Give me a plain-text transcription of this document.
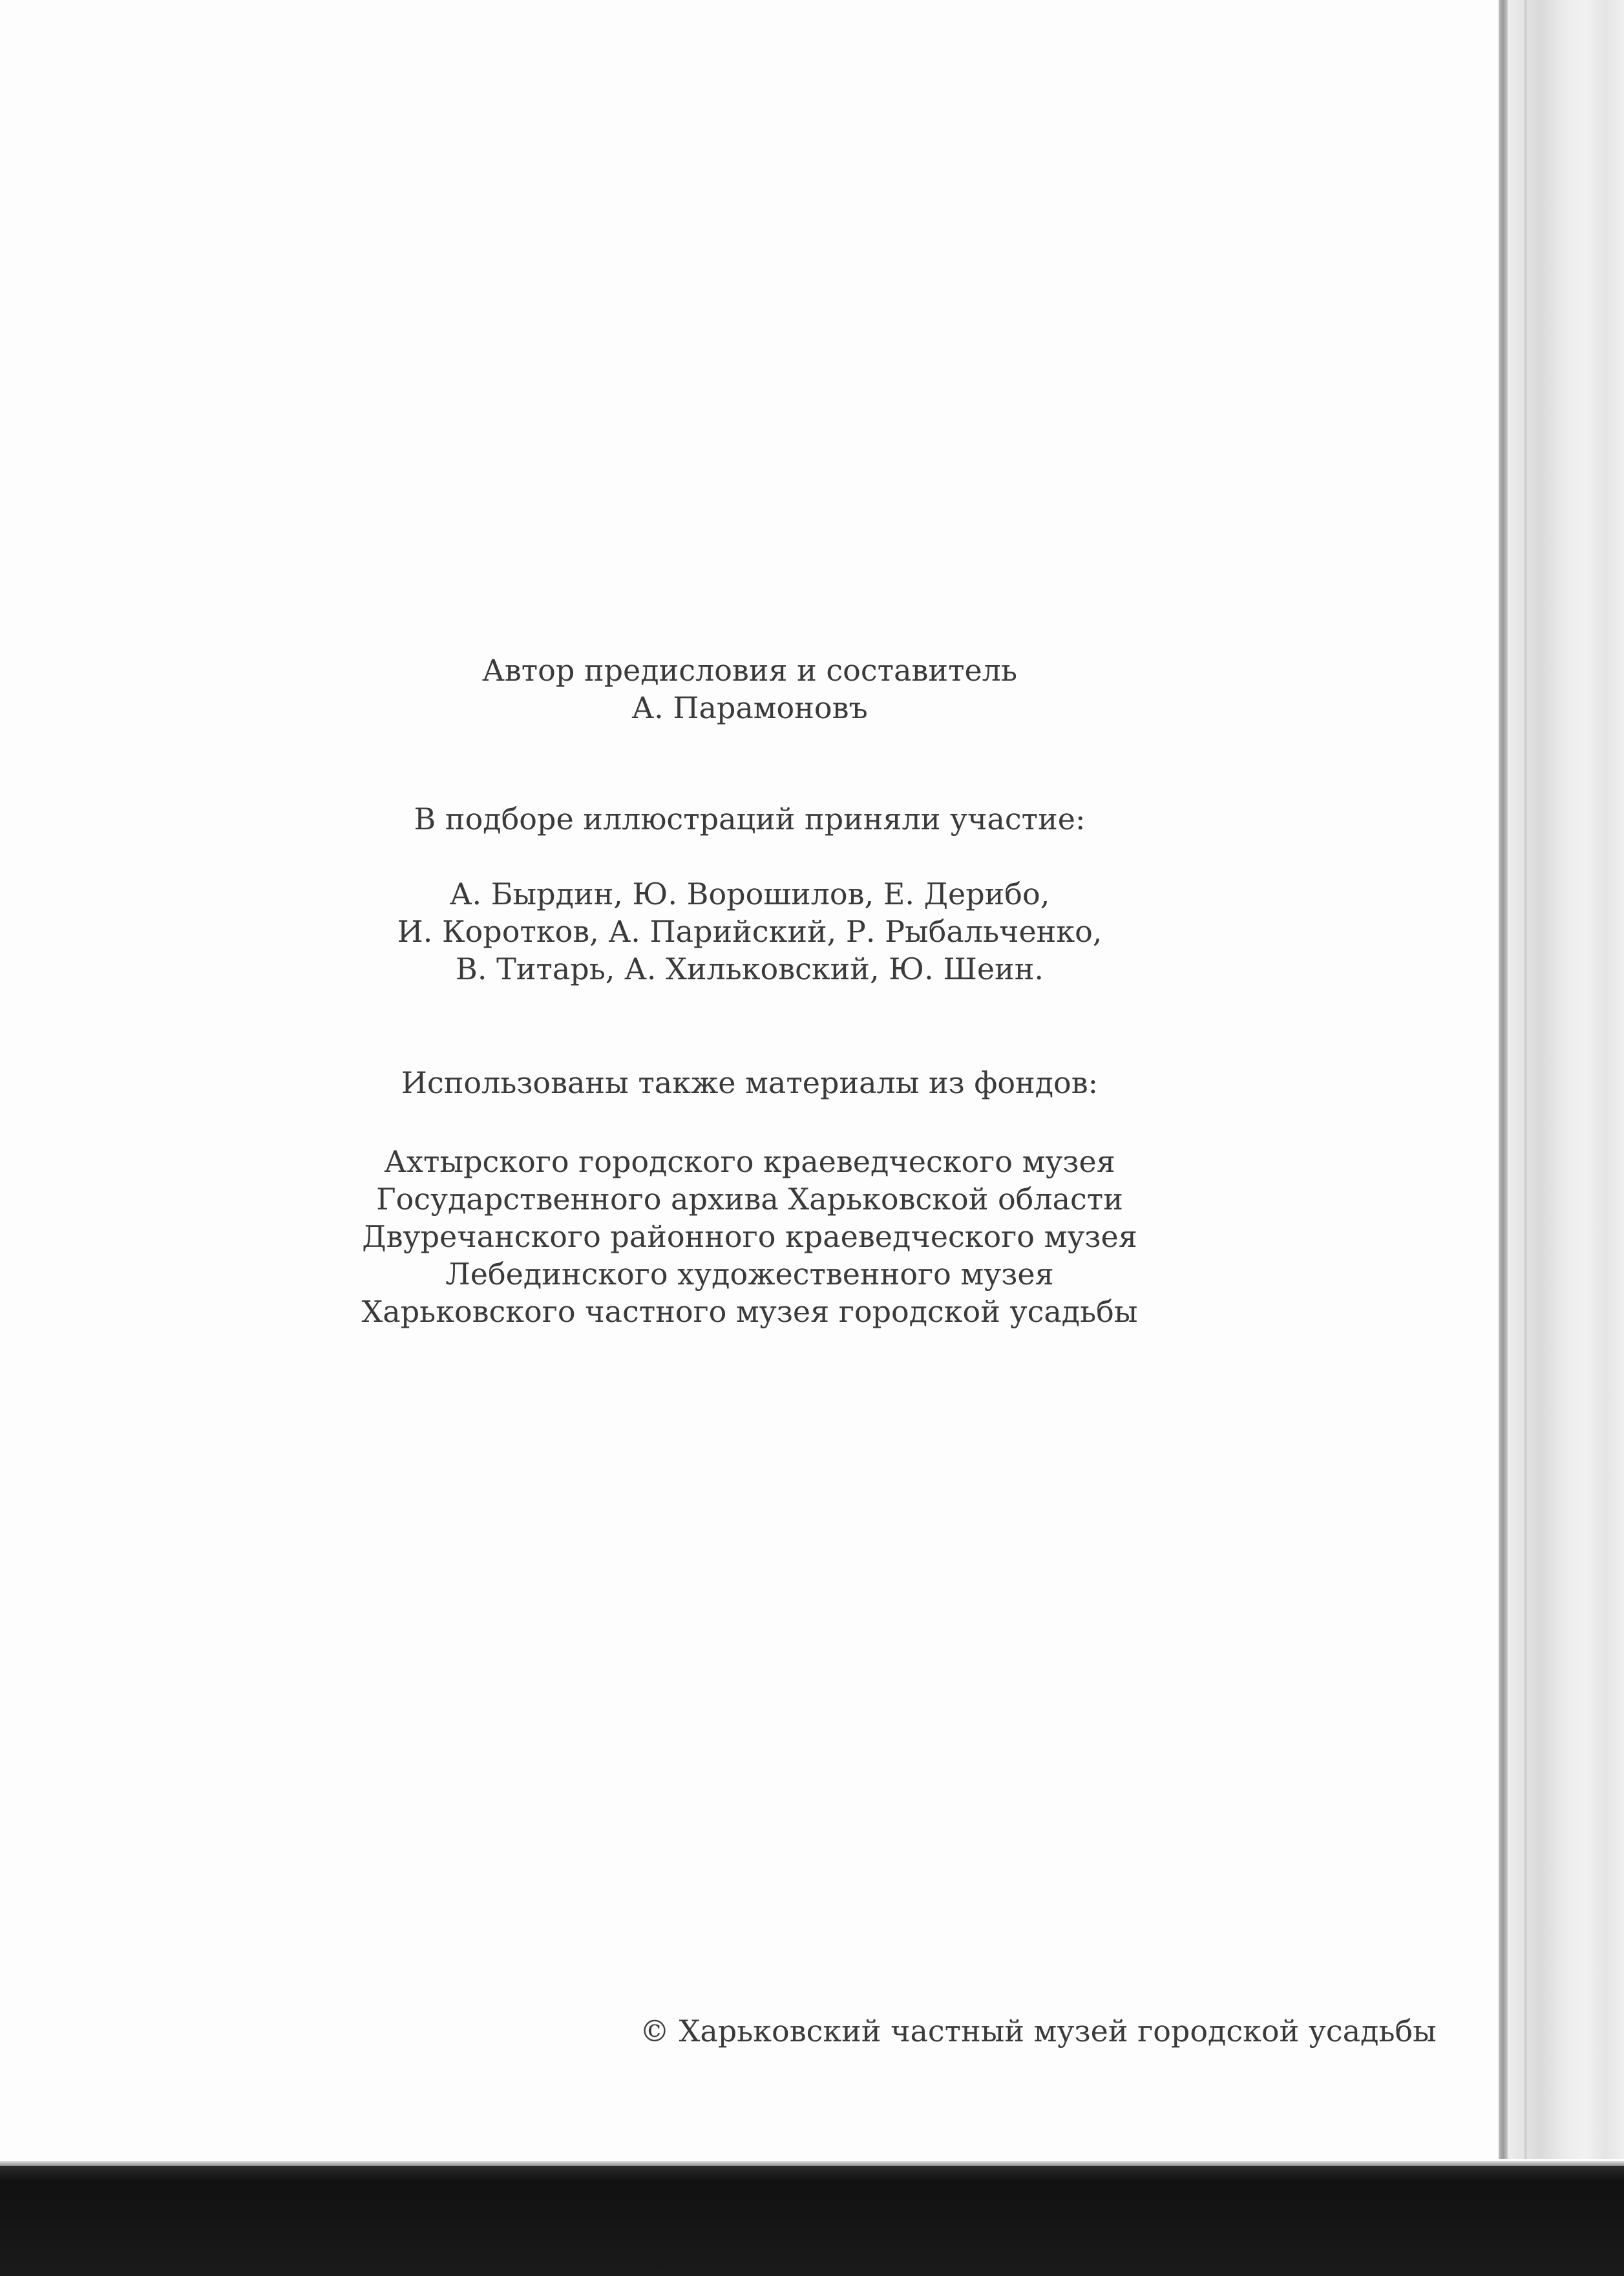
Автор предисловия и составитель
А. Парамоновъ
В подборе иллюстраций приняли участие:
А. Бырдин, Ю. Ворошилов, Е. Дерибо,
И. Коротков, А. Парийский, Р. Рыбальченко,
В. Титарь, А. Хильковский, Ю. Шеин.
Использованы также материалы из фондов:
Ахтырского городского краеведческого музея
Государственного архива Харьковской области
Двуречанского районного краеведческого музея
Лебединского художественного музея
Харьковского частного музея городской усадьбы
© Харьковский частный музей городской усадьбы
